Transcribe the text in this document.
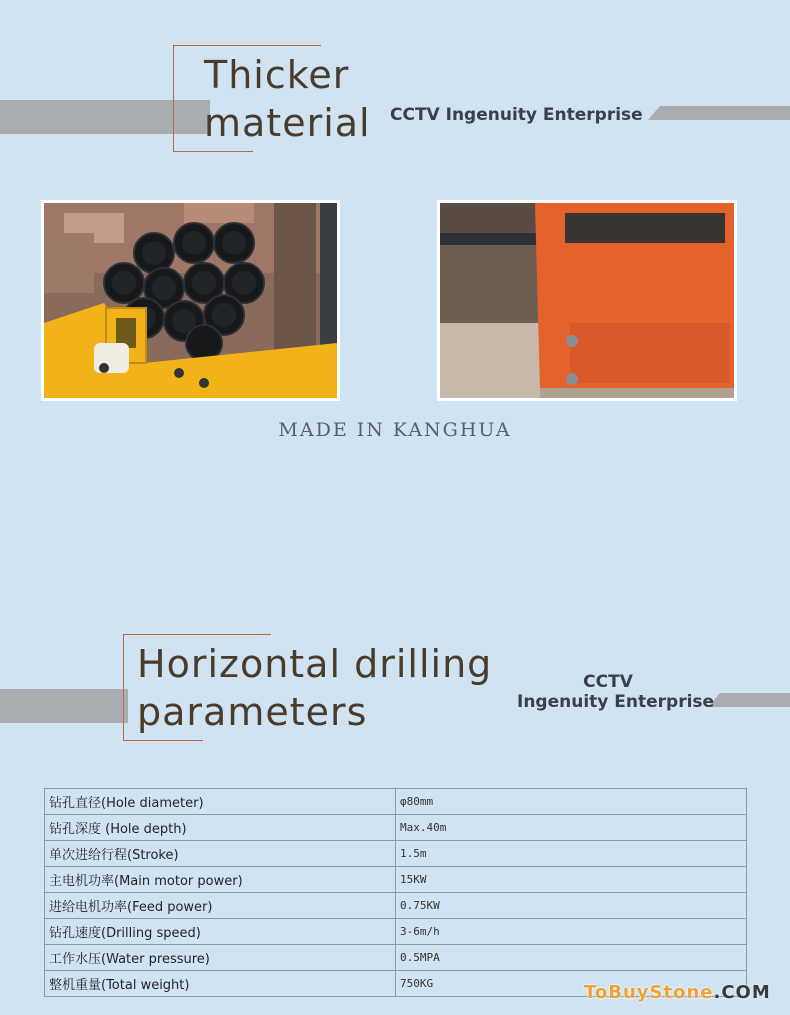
Thicker
material CCTV Ingenuity Enterprise
MADE IN KANGHUA
Horizontal drilling
parameters
CCTV
Ingenuity Enterprise
钻孔直径(Hole diameter)	φ80mm
钻孔深度 (Hole depth)	Max.40m
单次进给行程(Stroke)	1.5m
主电机功率(Main motor power)	15KW
进给电机功率(Feed power)	0.75KW
钻孔速度(Drilling speed)	3-6m/h
工作水压(Water pressure)	0.5MPA
整机重量(Total weight)	750KG	ToBuyStone.COM
